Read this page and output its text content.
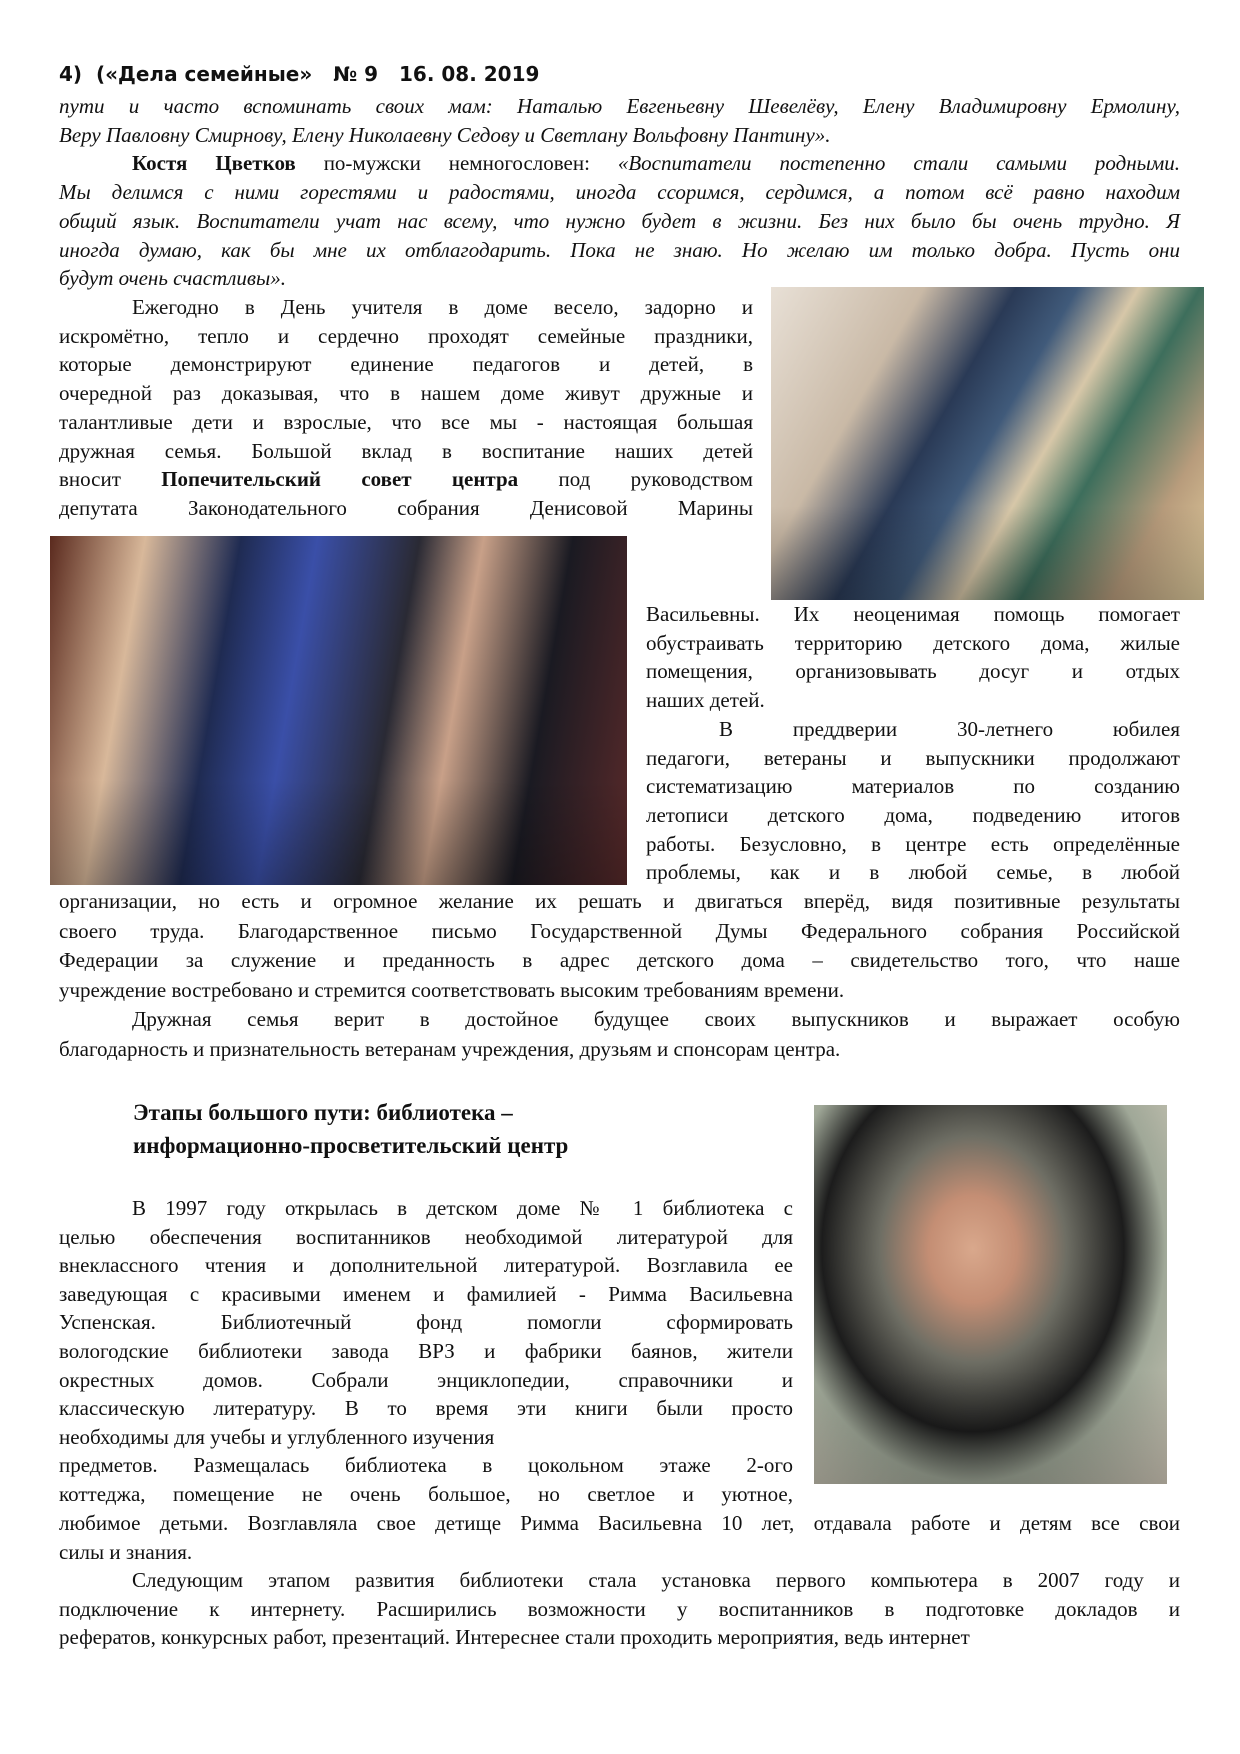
4)  («Дела семейные»   № 9   16. 08. 2019
Этапы большого пути: библиотека –
информационно-просветительский центр
пути и часто вспоминать своих мам: Наталью Евгеньевну Шевелёву, Елену Владимировну Ермолину,
Веру Павловну Смирнову, Елену Николаевну Седову и Светлану Вольфовну Пантину».
Костя Цветков по-мужски немногословен: «Воспитатели постепенно стали самыми родными.
Мы делимся с ними горестями и радостями, иногда ссоримся, сердимся, а потом всё равно находим
общий язык. Воспитатели учат нас всему, что нужно будет в жизни. Без них было бы очень трудно. Я
иногда думаю, как бы мне их отблагодарить. Пока не знаю. Но желаю им только добра. Пусть они
будут очень счастливы».
Ежегодно в День учителя в доме весело, задорно и
искромётно, тепло и сердечно проходят семейные праздники,
которые демонстрируют единение педагогов и детей, в
очередной раз доказывая, что в нашем доме живут дружные и
талантливые дети и взрослые, что все мы - настоящая большая
дружная семья. Большой вклад в воспитание наших детей
вносит Попечительский совет центра под руководством
депутата Законодательного собрания Денисовой Марины
Васильевны. Их неоценимая помощь помогает
обустраивать территорию детского дома, жилые
помещения, организовывать досуг и отдых
наших детей.
В преддверии 30-летнего юбилея
педагоги, ветераны и выпускники продолжают
систематизацию материалов по созданию
летописи детского дома, подведению итогов
работы. Безусловно, в центре есть определённые
проблемы, как и в любой семье, в любой
организации, но есть и огромное желание их решать и двигаться вперёд, видя позитивные результаты
своего труда. Благодарственное письмо Государственной Думы Федерального собрания Российской
Федерации за служение и преданность в адрес детского дома – свидетельство того, что наше
учреждение востребовано и стремится соответствовать высоким требованиям времени.
Дружная семья верит в достойное будущее своих выпускников и выражает особую
благодарность и признательность ветеранам учреждения, друзьям и спонсорам центра.
В 1997 году открылась в детском доме № 1 библиотека с
целью обеспечения воспитанников необходимой литературой для
внеклассного чтения и дополнительной литературой. Возглавила ее
заведующая с красивыми именем и фамилией - Римма Васильевна
Успенская. Библиотечный фонд помогли сформировать
вологодские библиотеки завода ВРЗ и фабрики баянов, жители
окрестных домов. Собрали энциклопедии, справочники и
классическую литературу. В то время эти книги были просто
необходимы для учебы и углубленного изучения
предметов. Размещалась библиотека в цокольном этаже 2-ого
коттеджа, помещение не очень большое, но светлое и уютное,
любимое детьми. Возглавляла свое детище Римма Васильевна 10 лет, отдавала работе и детям все свои
силы и знания.
Следующим этапом развития библиотеки стала установка первого компьютера в 2007 году и
подключение к интернету. Расширились возможности у воспитанников в подготовке докладов и
рефератов, конкурсных работ, презентаций. Интереснее стали проходить мероприятия, ведь интернет
